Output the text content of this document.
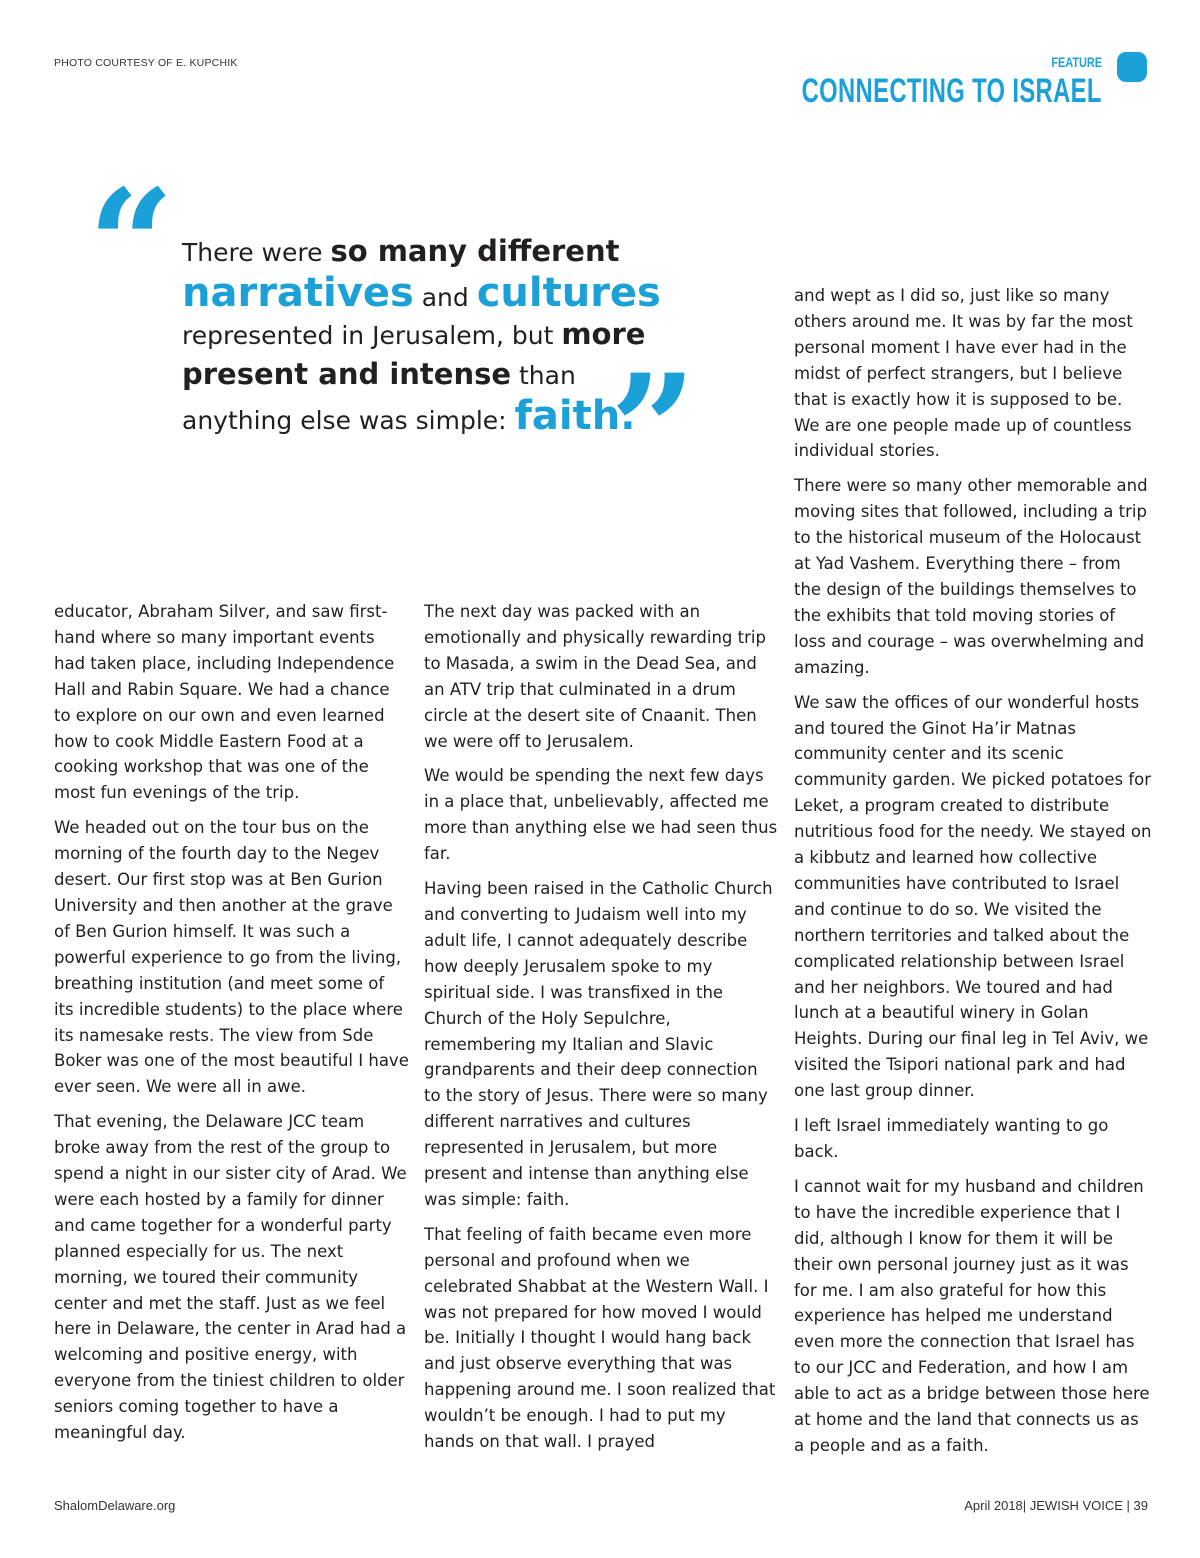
PHOTO COURTESY OF E. KUPCHIK	FEATURE
CONNECTING TO ISRAEL
“ There were so many different
narratives and cultures
represented in Jerusalem, but more
present and intense than
anything else was simple: faith.
”

educator, Abraham Silver, and saw first-hand where so many important events had taken place, including Independence Hall and Rabin Square. We had a chance to explore on our own and even learned how to cook Middle Eastern Food at a cooking workshop that was one of the most fun evenings of the trip.

We headed out on the tour bus on the morning of the fourth day to the Negev desert. Our first stop was at Ben Gurion University and then another at the grave of Ben Gurion himself. It was such a powerful experience to go from the living, breathing institution (and meet some of its incredible students) to the place where its namesake rests. The view from Sde Boker was one of the most beautiful I have ever seen. We were all in awe.

That evening, the Delaware JCC team broke away from the rest of the group to spend a night in our sister city of Arad. We were each hosted by a family for dinner and came together for a wonderful party planned especially for us. The next morning, we toured their community center and met the staff. Just as we feel here in Delaware, the center in Arad had a welcoming and positive energy, with everyone from the tiniest children to older seniors coming together to have a meaningful day.

The next day was packed with an emotionally and physically rewarding trip to Masada, a swim in the Dead Sea, and an ATV trip that culminated in a drum circle at the desert site of Cnaanit. Then we were off to Jerusalem.

We would be spending the next few days in a place that, unbelievably, affected me more than anything else we had seen thus far.

Having been raised in the Catholic Church and converting to Judaism well into my adult life, I cannot adequately describe how deeply Jerusalem spoke to my spiritual side. I was transfixed in the Church of the Holy Sepulchre, remembering my Italian and Slavic grandparents and their deep connection to the story of Jesus. There were so many different narratives and cultures represented in Jerusalem, but more present and intense than anything else was simple: faith.

That feeling of faith became even more personal and profound when we celebrated Shabbat at the Western Wall. I was not prepared for how moved I would be. Initially I thought I would hang back and just observe everything that was happening around me. I soon realized that wouldn’t be enough. I had to put my hands on that wall. I prayed

and wept as I did so, just like so many others around me. It was by far the most personal moment I have ever had in the midst of perfect strangers, but I believe that is exactly how it is supposed to be. We are one people made up of countless individual stories.

There were so many other memorable and moving sites that followed, including a trip to the historical museum of the Holocaust at Yad Vashem. Everything there – from the design of the buildings themselves to the exhibits that told moving stories of loss and courage – was overwhelming and amazing.

We saw the offices of our wonderful hosts and toured the Ginot Ha’ir Matnas community center and its scenic community garden. We picked potatoes for Leket, a program created to distribute nutritious food for the needy. We stayed on a kibbutz and learned how collective communities have contributed to Israel and continue to do so. We visited the northern territories and talked about the complicated relationship between Israel and her neighbors. We toured and had lunch at a beautiful winery in Golan Heights. During our final leg in Tel Aviv, we visited the Tsipori national park and had one last group dinner.

I left Israel immediately wanting to go back.

I cannot wait for my husband and children to have the incredible experience that I did, although I know for them it will be their own personal journey just as it was for me. I am also grateful for how this experience has helped me understand even more the connection that Israel has to our JCC and Federation, and how I am able to act as a bridge between those here at home and the land that connects us as a people and as a faith.

ShalomDelaware.org	April 2018| JEWISH VOICE | 39
